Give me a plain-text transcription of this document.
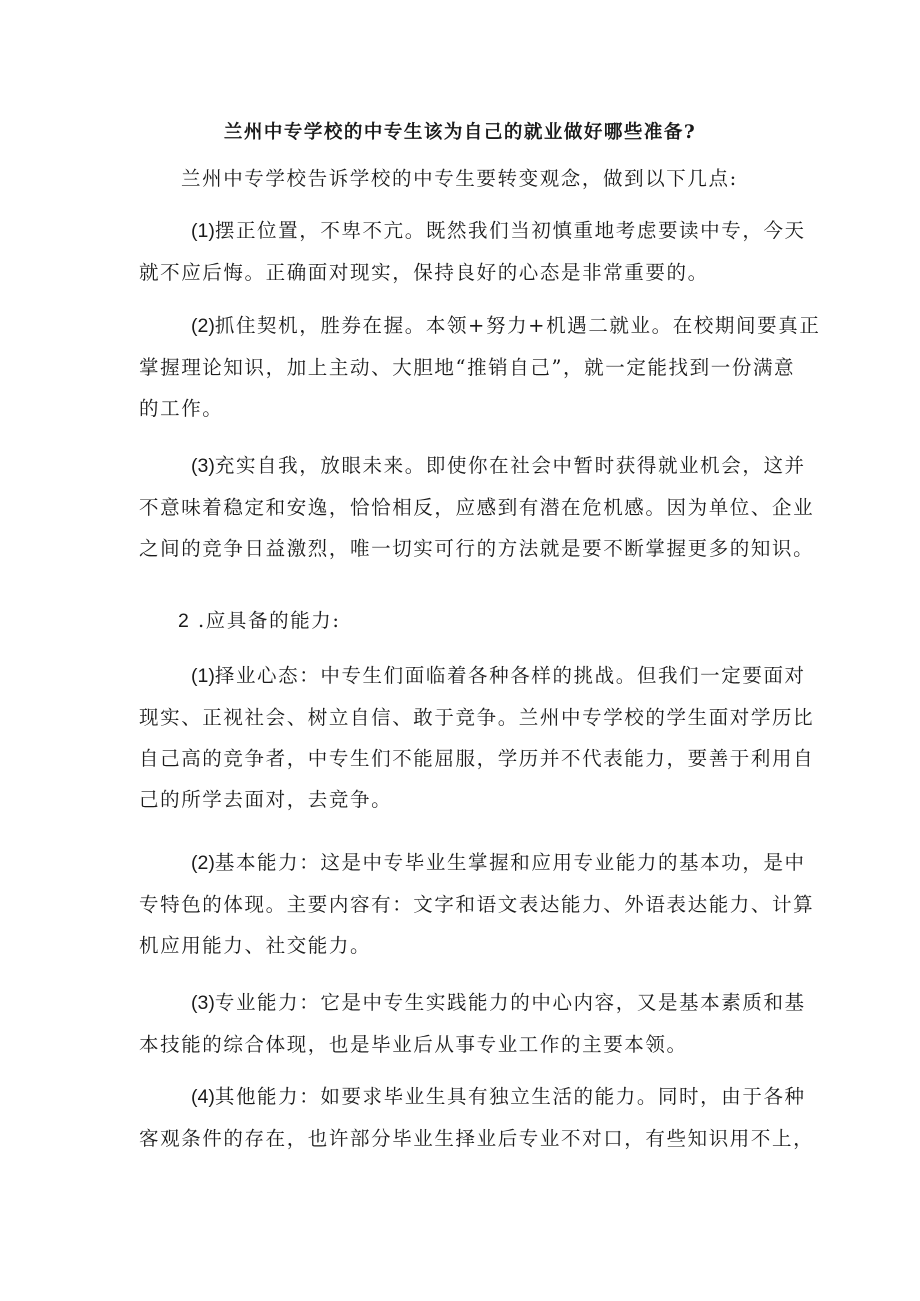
兰州中专学校的中专生该为自己的就业做好哪些准备?

兰州中专学校告诉学校的中专生要转变观念，做到以下几点:

(1)摆正位置，不卑不亢。既然我们当初慎重地考虑要读中专，今天
就不应后悔。正确面对现实，保持良好的心态是非常重要的。
(2)抓住契机，胜券在握。本领+努力+机遇二就业。在校期间要真正
掌握理论知识，加上主动、大胆地“推销自己”，就一定能找到一份满意
的工作。
(3)充实自我，放眼未来。即使你在社会中暂时获得就业机会，这并
不意味着稳定和安逸，恰恰相反，应感到有潜在危机感。因为单位、企业
之间的竞争日益激烈，唯一切实可行的方法就是要不断掌握更多的知识。
2 .应具备的能力:
(1)择业心态：中专生们面临着各种各样的挑战。但我们一定要面对
现实、正视社会、树立自信、敢于竞争。兰州中专学校的学生面对学历比
自己高的竞争者，中专生们不能屈服，学历并不代表能力，要善于利用自
己的所学去面对，去竞争。
(2)基本能力：这是中专毕业生掌握和应用专业能力的基本功，是中
专特色的体现。主要内容有：文字和语文表达能力、外语表达能力、计算
机应用能力、社交能力。
(3)专业能力：它是中专生实践能力的中心内容，又是基本素质和基
本技能的综合体现，也是毕业后从事专业工作的主要本领。
(4)其他能力：如要求毕业生具有独立生活的能力。同时，由于各种
客观条件的存在，也许部分毕业生择业后专业不对口，有些知识用不上，
